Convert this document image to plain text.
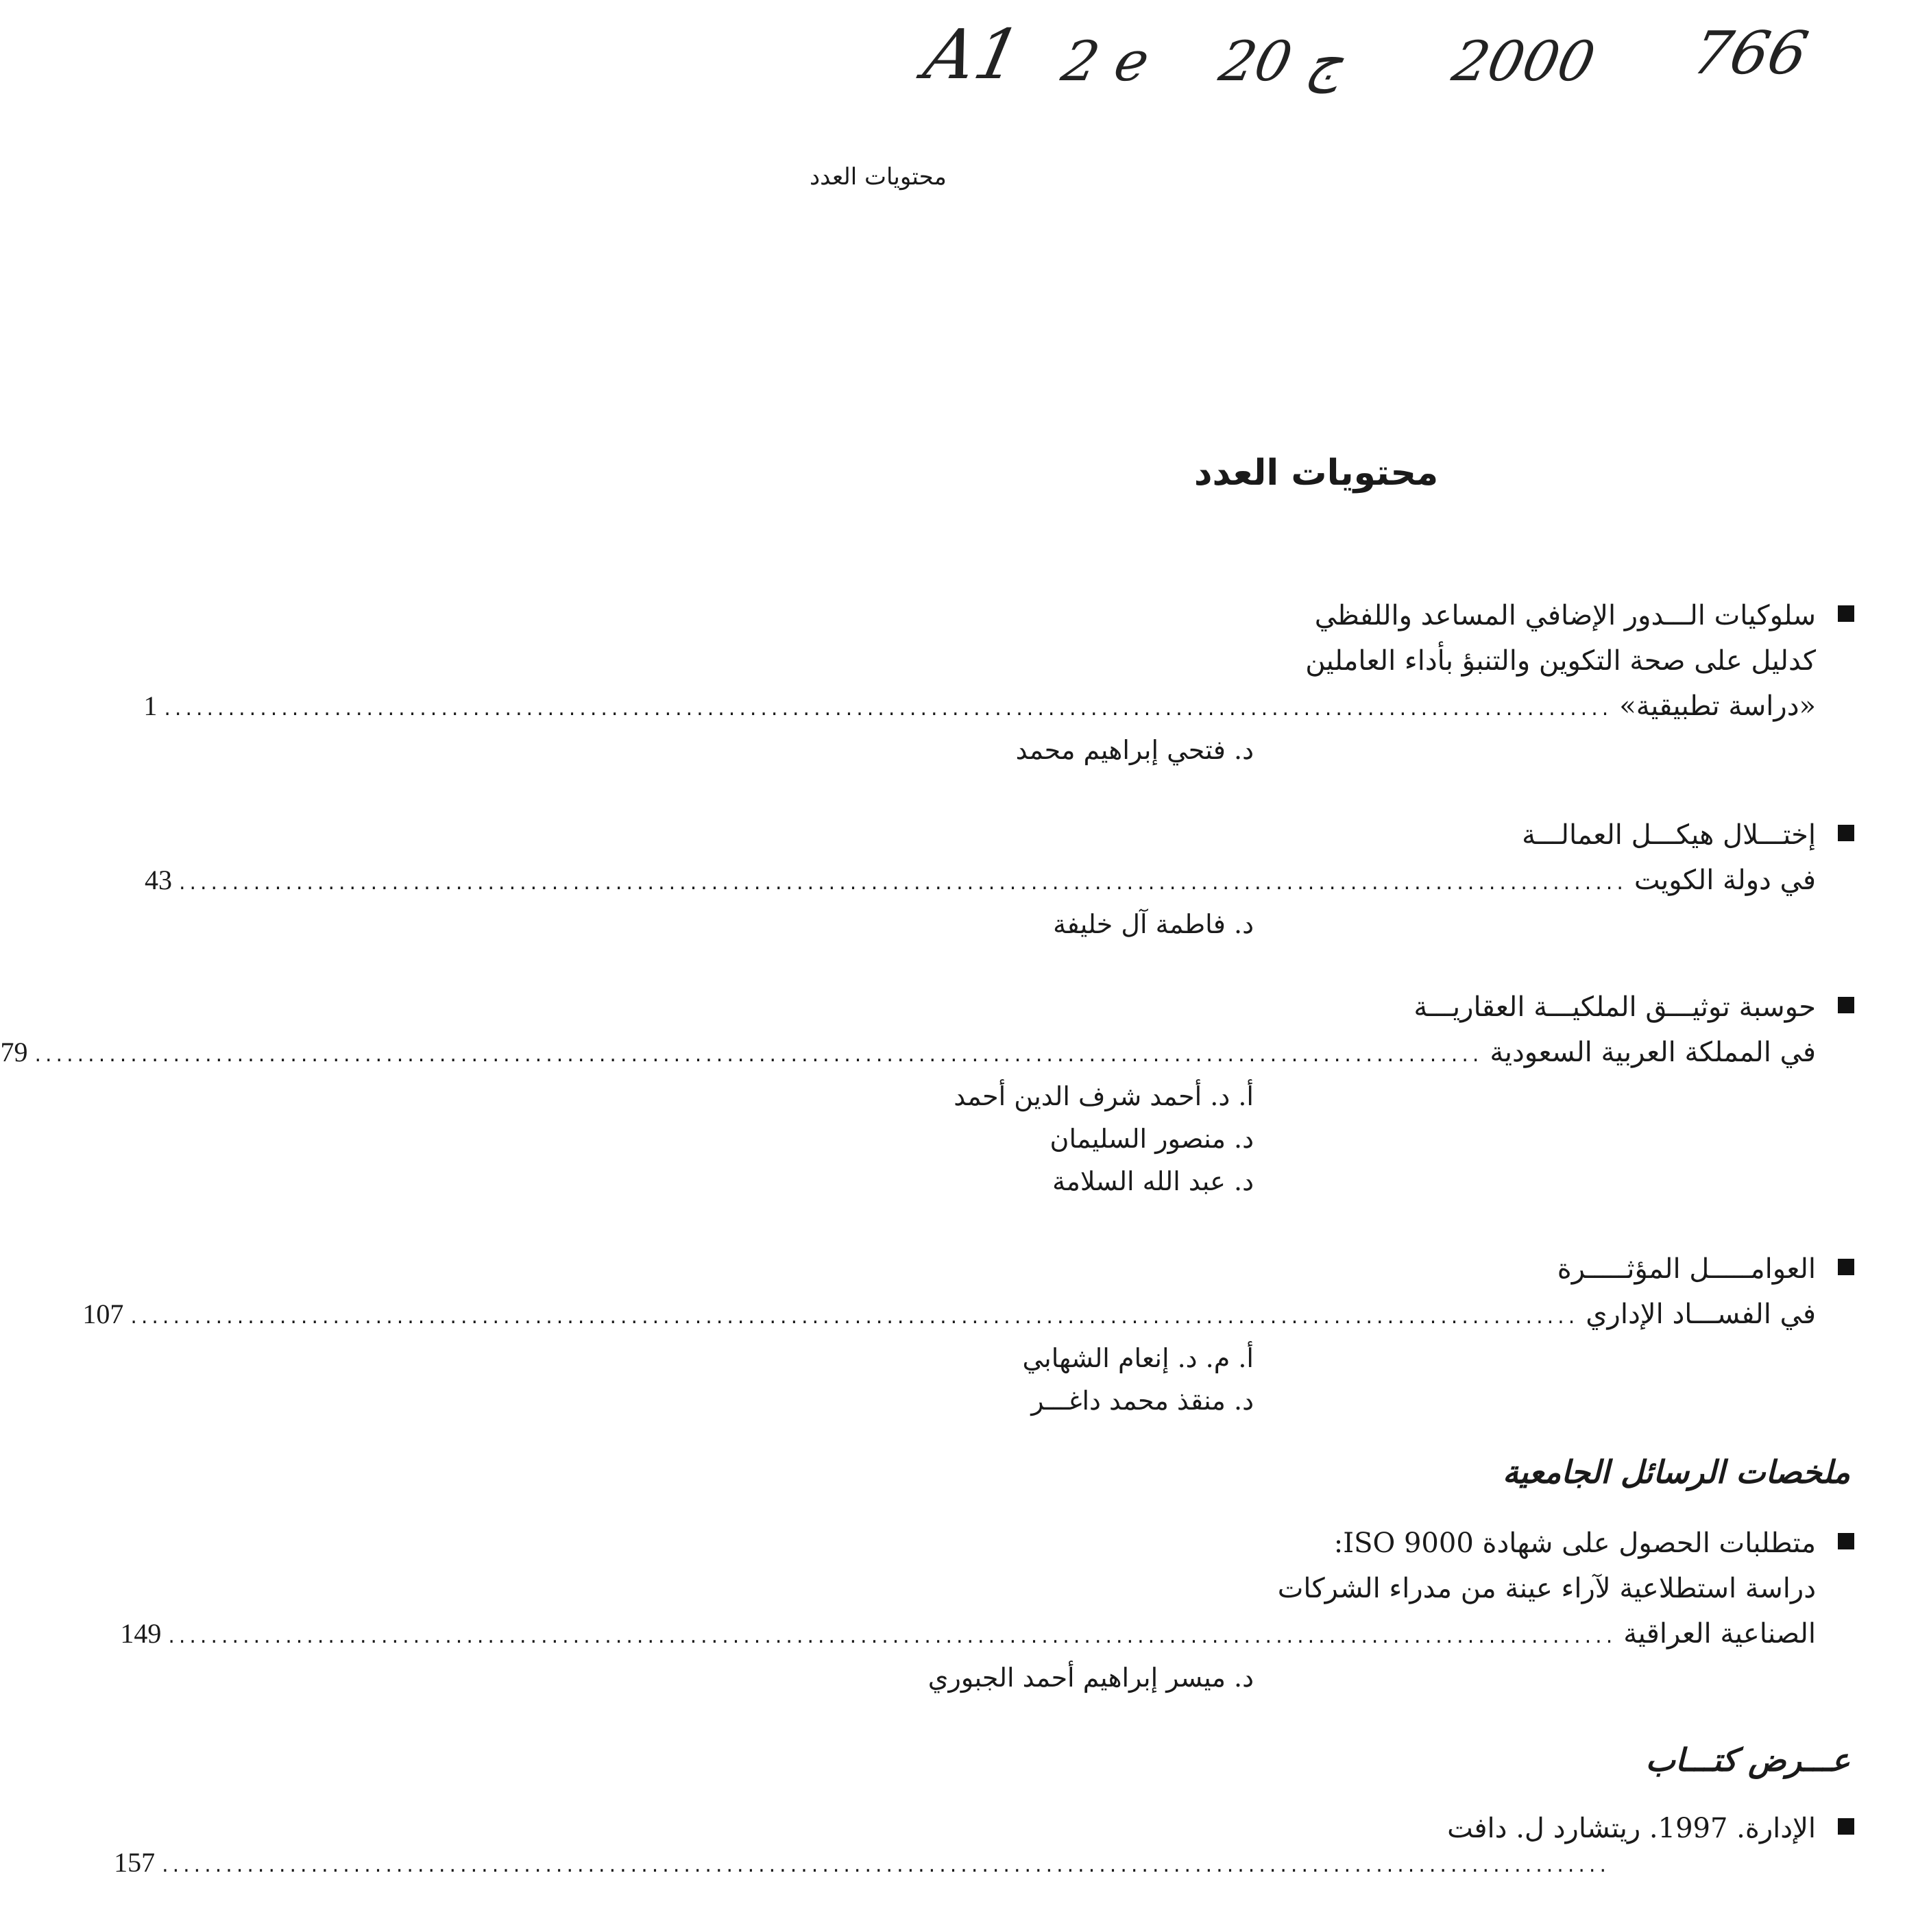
A1 2 e 20 ج 2000 766
محتويات العدد
محتويات العدد
سلوكيات الـــدور الإضافي المساعد واللفظي
كدليل على صحة التكوين والتنبؤ بأداء العاملين
«دراسة تطبيقية»
........................................................................................................................................
1
د. فتحي إبراهيم محمد
إختـــلال هيكـــل العمالـــة
في دولة الكويت
........................................................................................................................................
43
د. فاطمة آل خليفة
حوسبة توثيـــق الملكيـــة العقاريـــة
في المملكة العربية السعودية
........................................................................................................................................
79
أ. د. أحمد شرف الدين أحمد
د. منصور السليمان
د. عبد الله السلامة
العوامـــــل المؤثـــــرة
في الفســـاد الإداري
........................................................................................................................................
107
أ. م. د. إنعام الشهابي
د. منقذ محمد داغـــر
ملخصات الرسائل الجامعية
متطلبات الحصول على شهادة ISO 9000:
دراسة استطلاعية لآراء عينة من مدراء الشركات
الصناعية العراقية
........................................................................................................................................
149
د. ميسر إبراهيم أحمد الجبوري
عـــرض كتـــاب
الإدارة. 1997. ريتشارد ل. دافت
........................................................................................................................................
157
